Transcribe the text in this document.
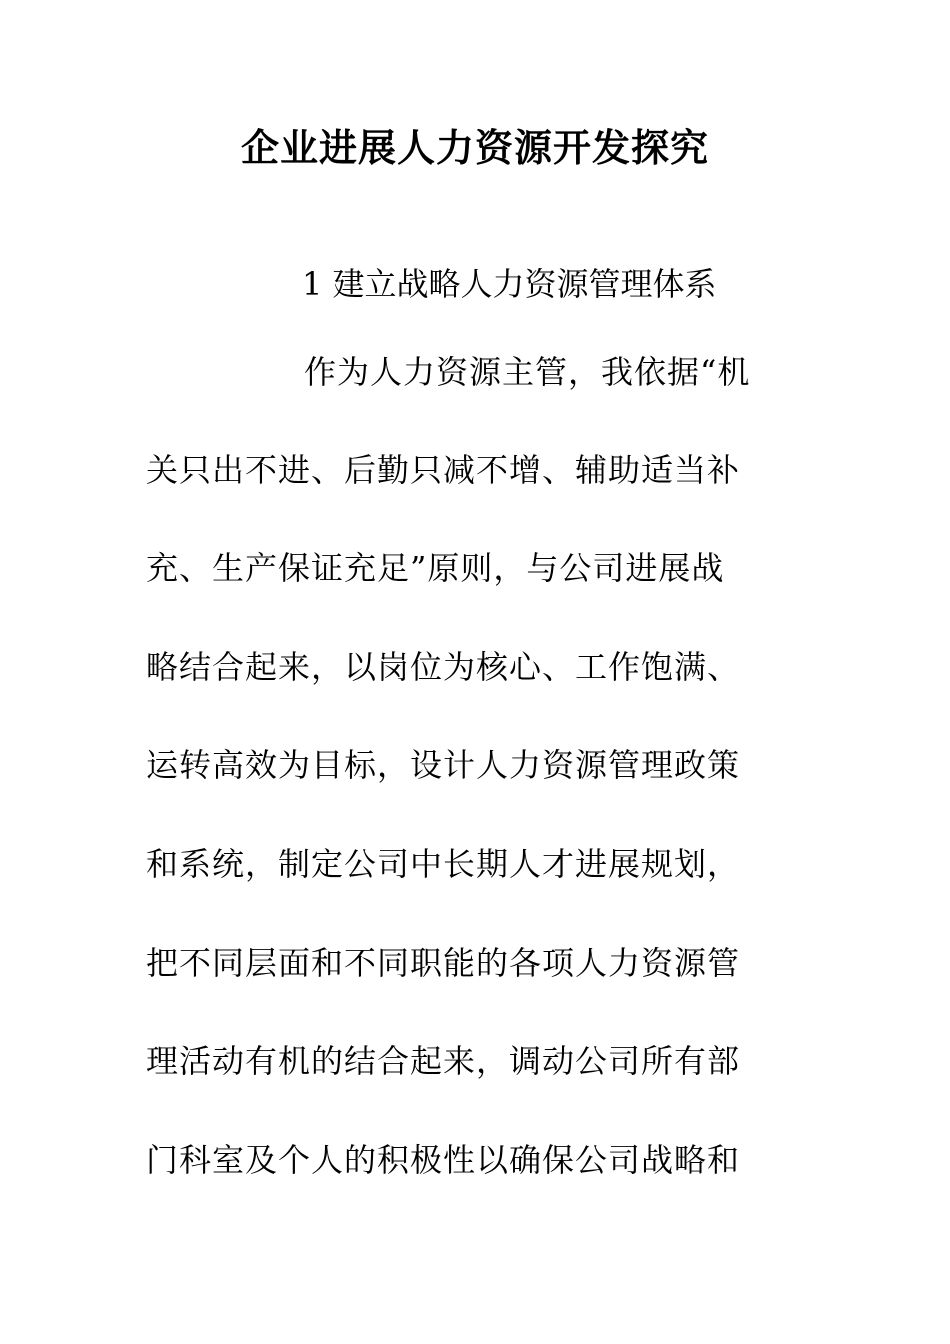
企业进展人力资源开发探究
1 建立战略人力资源管理体系
作为人力资源主管，我依据“机
关只出不进、后勤只减不增、辅助适当补
充、生产保证充足”原则，与公司进展战
略结合起来，以岗位为核心、工作饱满、
运转高效为目标，设计人力资源管理政策
和系统，制定公司中长期人才进展规划，
把不同层面和不同职能的各项人力资源管
理活动有机的结合起来，调动公司所有部
门科室及个人的积极性以确保公司战略和
